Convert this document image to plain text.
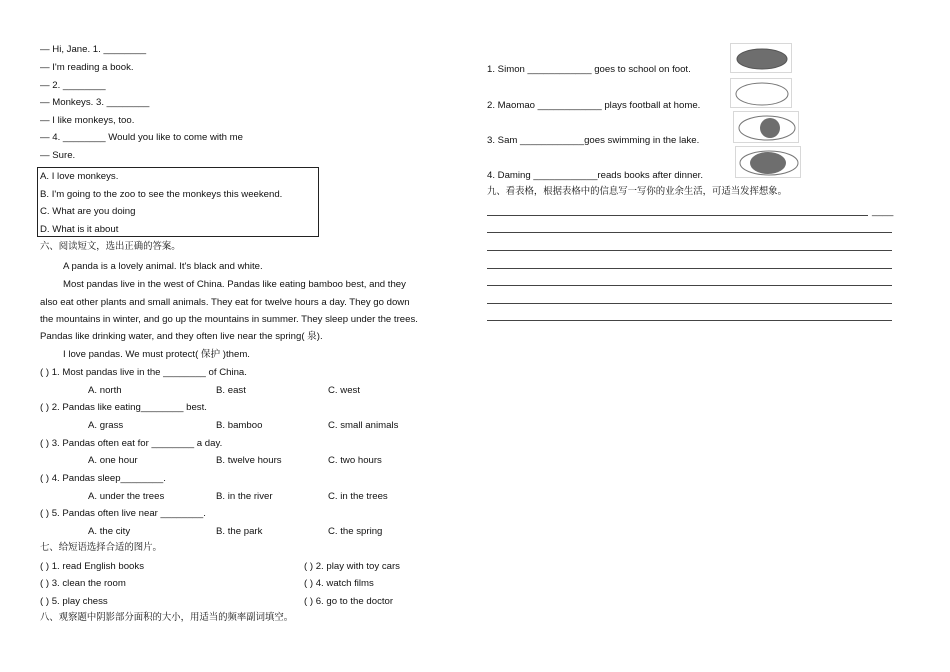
— Hi, Jane. 1. ________
— I'm reading a book.
— 2. ________
— Monkeys. 3. ________
— I like monkeys, too.
— 4. ________ Would you like to come with me
— Sure.
A. I love monkeys.
B. I'm going to the zoo to see the monkeys this weekend.
C. What are you doing
D. What is it about
六、阅读短文，选出正确的答案。
A panda is a lovely animal. It's black and white.
Most pandas live in the west of China. Pandas like eating bamboo best, and they
also eat other plants and small animals. They eat for twelve hours a day. They go down
the mountains in winter, and go up the mountains in summer. They sleep under the trees.
Pandas like drinking water, and they often live near the spring( 泉).
I love pandas. We must protect( 保护 )them.
( ) 1. Most pandas live in the ________ of China.
A. north	B. east	C. west
( ) 2. Pandas like eating________ best.
A. grass	B. bamboo	C. small animals
( ) 3. Pandas often eat for ________ a day.
A. one hour	B. twelve hours	C. two hours
( ) 4. Pandas sleep________.
A. under the trees	B. in the river	C. in the trees
( ) 5. Pandas often live near ________.
A. the city	B. the park	C. the spring
七、给短语选择合适的图片。
( ) 1. read English books	( ) 2. play with toy cars
( ) 3. clean the room	( ) 4. watch films
( ) 5. play chess	( ) 6. go to the doctor
八、观察题中阴影部分面积的大小，用适当的频率副词填空。
1. Simon ____________ goes to school on foot.
2. Maomao ____________ plays football at home.
3. Sam ____________goes swimming in the lake.
4. Daming ____________reads books after dinner.
九、看表格，根据表格中的信息写一写你的业余生活，可适当发挥想象。
____
